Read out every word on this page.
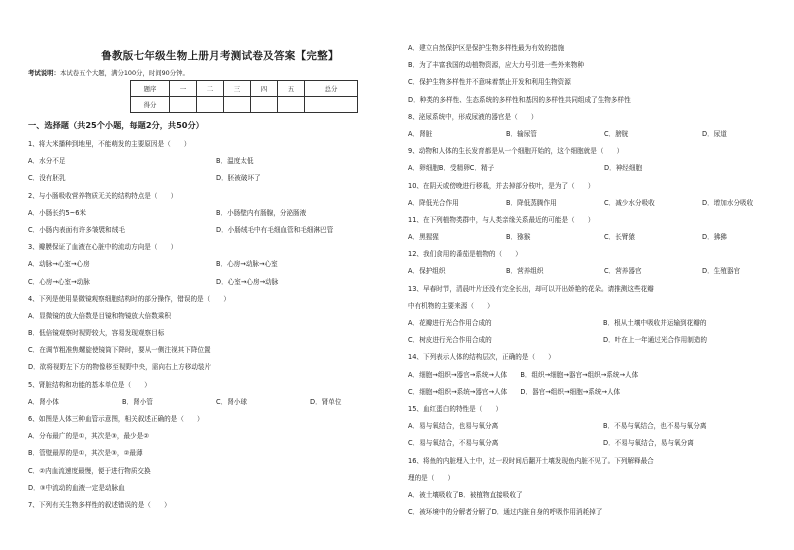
鲁教版七年级生物上册月考测试卷及答案【完整】
考试说明：本试卷五个大题，满分100分，时间90分钟。
题序	一	二	三	四	五	总分
得分						
一、选择题（共25个小题，每题2分，共50分）
1、将大米播种到地里，不能萌发的主要原因是（　　）
A．水分不足	B．温度太低
C．没有胚乳	D．胚被破坏了
2、与小肠吸收营养物质无关的结构特点是（　　）
A．小肠长约5~6米	B．小肠壁内有肠腺，分泌肠液
C．小肠内表面有许多皱襞和绒毛	D．小肠绒毛中有毛细血管和毛细淋巴管
3、瓣膜保证了血液在心脏中的流动方向是（　　）
A．动脉→心室→心房	B．心房→动脉→心室
C．心房→心室→动脉	D．心室→心房→动脉
4、下列是使用显微镜观察细胞结构时的部分操作，错误的是（　　）
A．显微镜的放大倍数是目镜和物镜放大倍数乘积
B．低倍镜观察时视野较大，容易发现观察目标
C．在调节粗准焦螺旋使镜筒下降时，要从一侧注视其下降位置
D．欲将视野左下方的物像移至视野中央，需向右上方移动装片
5、肾脏结构和功能的基本单位是（　　）
A．肾小体	B．肾小管	C．肾小球	D．肾单位
6、如图是人体三种血管示意图，相关叙述正确的是（　　）
A．分布最广的是①，其次是③，最少是②
B．管壁最厚的是①，其次是③，②最薄
C．②内血流速度最慢，便于进行物质交换
D．③中流动的血液一定是动脉血
7、下列有关生物多样性的叙述错误的是（　　）
A．建立自然保护区是保护生物多样性最为有效的措施
B．为了丰富我国的动植物资源，应大力号引进一些外来物种
C．保护生物多样性并不意味着禁止开发和利用生物资源
D．种类的多样性、生态系统的多样性和基因的多样性共同组成了生物多样性
8、泌尿系统中，形成尿液的器官是（　　）
A．肾脏	B．输尿管	C．膀胱	D．尿道
9、动物和人体的生长发育都是从一个细胞开始的，这个细胞就是（　　）
A．卵细胞B．受精卵C．精子	D．神经细胞
10、在阴天或傍晚进行移栽，并去掉部分枝叶，是为了（　　）
A．降低光合作用	B．降低蒸腾作用	C．减少水分吸收	D．增加水分吸收
11、在下列植物类群中，与人类亲缘关系最近的可能是（　　）
A．黑猩猩	B．猕猴	C．长臂猿	D．狒狒
12、我们食用的番茄是植物的（　　）
A．保护组织	B．营养组织	C．营养器官	D．生殖器官
13、早春时节，清晨叶片还没有完全长出，却可以开出娇艳的花朵。请推测这些花瓣
中有机物的主要来源（　　）
A．花瓣进行光合作用合成的	B．根从土壤中吸收并运输到花瓣的
C．树皮进行光合作用合成的	D．叶在上一年通过光合作用制造的
14、下列表示人体的结构层次，正确的是（　　）
A．细胞→组织→器官→系统→人体　　B．组织→细胞→器官→组织→系统→人体
C．细胞→组织→系统→器官→人体　　D．器官→组织→细胞→系统→人体
15、血红蛋白的特性是（　　）
A．易与氧结合，也易与氧分离	B．不易与氧结合，也不易与氧分离
C．易与氧结合，不易与氧分离	D．不易与氧结合，易与氧分离
16、将鱼的内脏埋入土中，过一段时间后翻开土壤发现鱼内脏不见了。下列解释最合
理的是（　　）
A．被土壤吸收了B．被植物直接吸收了
C．被环境中的分解者分解了D．通过内脏自身的呼吸作用消耗掉了
